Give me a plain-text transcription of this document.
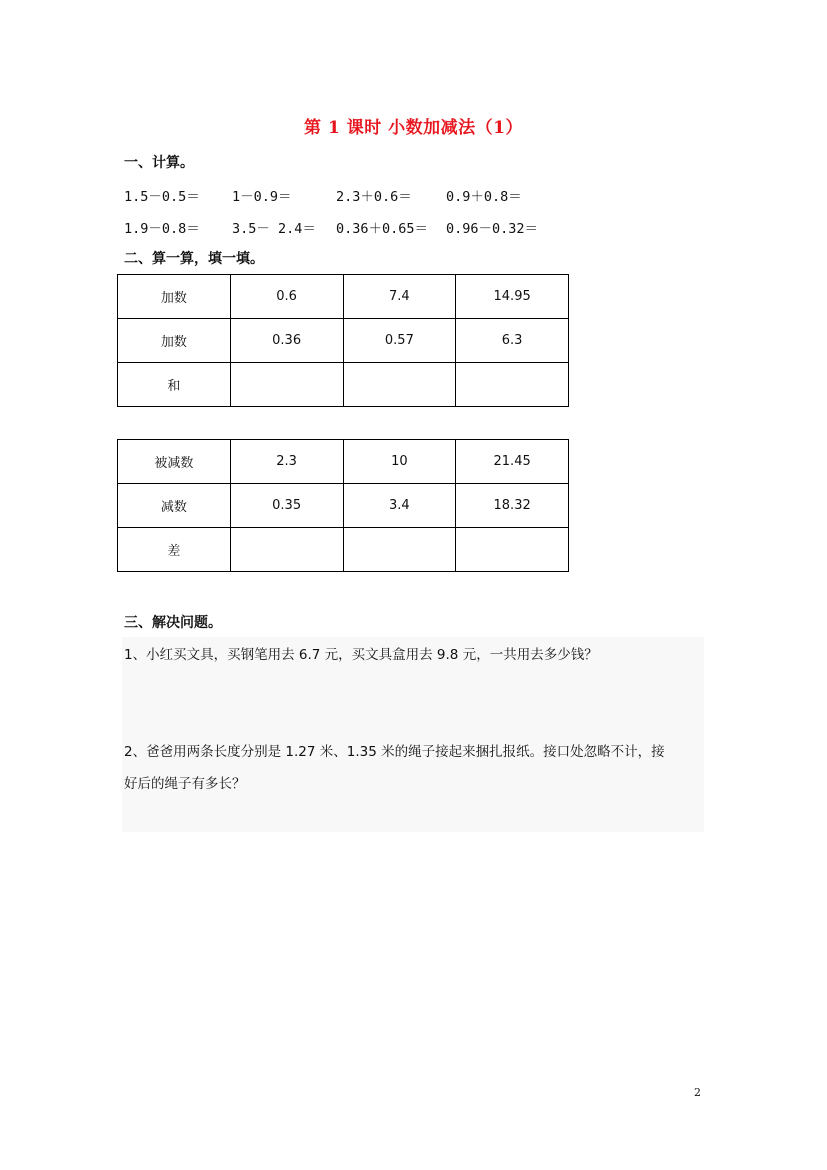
第 1 课时 小数加减法（1）
一、计算。
1.5－0.5＝ 1－0.9＝	2.3＋0.6＝	0.9＋0.8＝
1.9－0.8＝ 3.5－ 2.4＝ 0.36＋0.65＝ 0.96－0.32＝
二、算一算，填一填。
加数	0.6	7.4	14.95
加数	0.36	0.57	6.3
和			
被减数	2.3	10	21.45
减数	0.35	3.4	18.32
差			
三、解决问题。
1、小红买文具，买钢笔用去 6.7 元，买文具盒用去 9.8 元，一共用去多少钱？
2、爸爸用两条长度分别是 1.27 米、1.35 米的绳子接起来捆扎报纸。接口处忽略不计，接
好后的绳子有多长？
2
